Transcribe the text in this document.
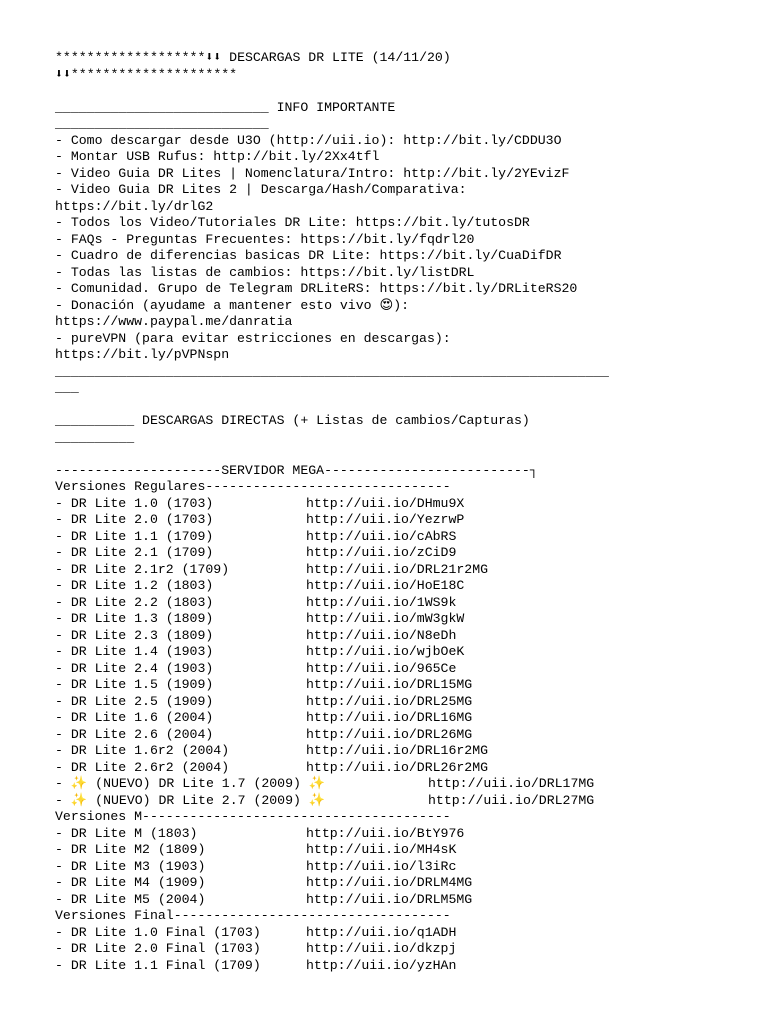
*******************⬇⬇ DESCARGAS DR LITE (14/11/20)
⬇⬇*********************
___________________________ INFO IMPORTANTE
___________________________
- Como descargar desde U3O (http://uii.io): http://bit.ly/CDDU3O
- Montar USB Rufus: http://bit.ly/2Xx4tfl
- Video Guia DR Lites | Nomenclatura/Intro: http://bit.ly/2YEvizF
- Video Guia DR Lites 2 | Descarga/Hash/Comparativa:
https://bit.ly/drlG2
- Todos los Video/Tutoriales DR Lite: https://bit.ly/tutosDR
- FAQs - Preguntas Frecuentes: https://bit.ly/fqdrl20
- Cuadro de diferencias basicas DR Lite: https://bit.ly/CuaDifDR
- Todas las listas de cambios: https://bit.ly/listDRL
- Comunidad. Grupo de Telegram DRLiteRS: https://bit.ly/DRLiteRS20
- Donación (ayudame a mantener esto vivo 😍):
https://www.paypal.me/danratia
- pureVPN (para evitar estricciones en descargas):
https://bit.ly/pVPNspn
______________________________________________________________________
___
__________ DESCARGAS DIRECTAS (+ Listas de cambios/Capturas)
__________
---------------------SERVIDOR MEGA--------------------------┐
Versiones Regulares-------------------------------
- DR Lite 1.0 (1703)	http://uii.io/DHmu9X
- DR Lite 2.0 (1703)	http://uii.io/YezrwP
- DR Lite 1.1 (1709)	http://uii.io/cAbRS
- DR Lite 2.1 (1709)	http://uii.io/zCiD9
- DR Lite 2.1r2 (1709)	http://uii.io/DRL21r2MG
- DR Lite 1.2 (1803)	http://uii.io/HoE18C
- DR Lite 2.2 (1803)	http://uii.io/1WS9k
- DR Lite 1.3 (1809)	http://uii.io/mW3gkW
- DR Lite 2.3 (1809)	http://uii.io/N8eDh
- DR Lite 1.4 (1903)	http://uii.io/wjbOeK
- DR Lite 2.4 (1903)	http://uii.io/965Ce
- DR Lite 1.5 (1909)	http://uii.io/DRL15MG
- DR Lite 2.5 (1909)	http://uii.io/DRL25MG
- DR Lite 1.6 (2004)	http://uii.io/DRL16MG
- DR Lite 2.6 (2004)	http://uii.io/DRL26MG
- DR Lite 1.6r2 (2004)	http://uii.io/DRL16r2MG
- DR Lite 2.6r2 (2004)	http://uii.io/DRL26r2MG
- ✨ (NUEVO) DR Lite 1.7 (2009) ✨	http://uii.io/DRL17MG
- ✨ (NUEVO) DR Lite 2.7 (2009) ✨	http://uii.io/DRL27MG
Versiones M---------------------------------------
- DR Lite M (1803)	http://uii.io/BtY976
- DR Lite M2 (1809)	http://uii.io/MH4sK
- DR Lite M3 (1903)	http://uii.io/l3iRc
- DR Lite M4 (1909)	http://uii.io/DRLM4MG
- DR Lite M5 (2004)	http://uii.io/DRLM5MG
Versiones Final-----------------------------------
- DR Lite 1.0 Final (1703)	http://uii.io/q1ADH
- DR Lite 2.0 Final (1703)	http://uii.io/dkzpj
- DR Lite 1.1 Final (1709)	http://uii.io/yzHAn
